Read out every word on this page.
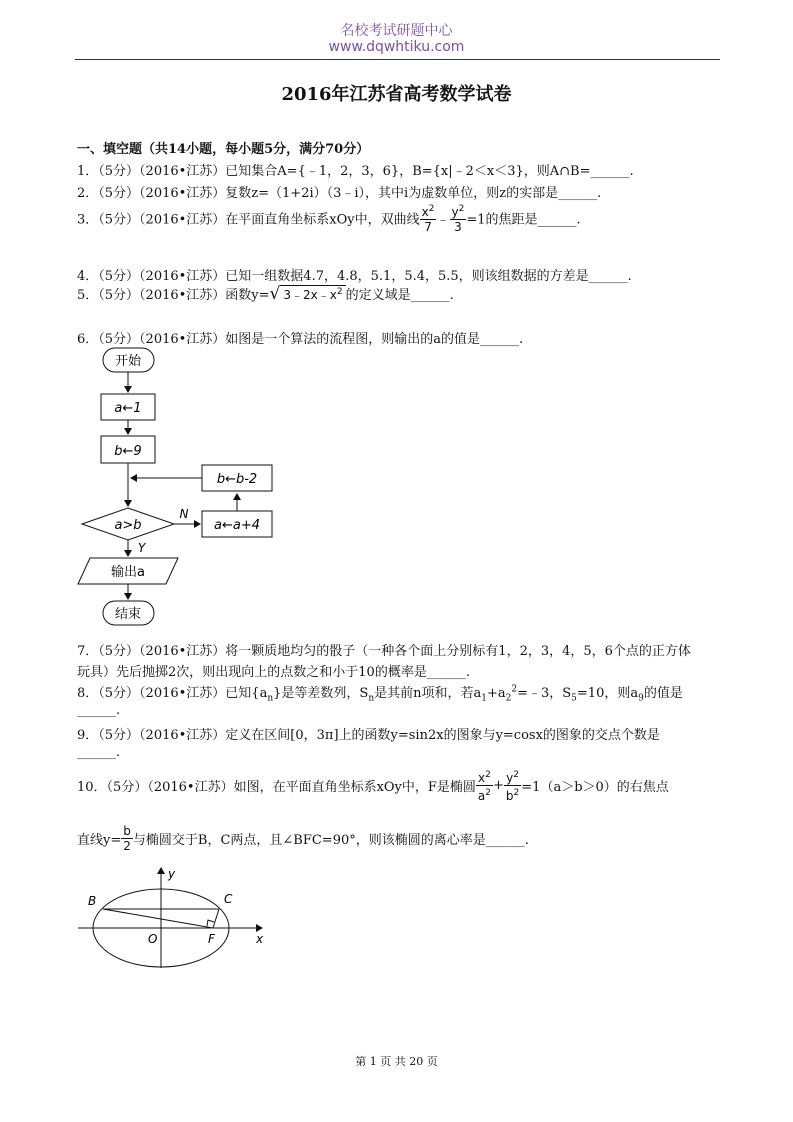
名校考试研题中心
www.dqwhtiku.com
2016年江苏省高考数学试卷
一、填空题（共14小题，每小题5分，满分70分）
1．（5分）（2016•江苏）已知集合A={﹣1，2，3，6}，B={x|﹣2＜x＜3}，则A∩B=______.
2．（5分）（2016•江苏）复数z=（1+2i）（3﹣i），其中i为虚数单位，则z的实部是______.
3．（5分）（2016•江苏）在平面直角坐标系xOy中，双曲线 $\frac{x^2}{7}$ ﹣ $\frac{y^2}{3} =1$的焦距是______.
4．（5分）（2016•江苏）已知一组数据4.7，4.8，5.1，5.4，5.5，则该组数据的方差是______.
5．（5分）（2016•江苏）函数y=√ $3﹣2x﹣x^2$ 的定义域是______.
6．（5分）（2016•江苏）如图是一个算法的流程图，则输出的a的值是______.
开始
a←1
b←9
b←b-2
a>b
N
a←a+4
Y
输出a
结束
7．（5分）（2016•江苏）将一颗质地均匀的骰子（一种各个面上分别标有1，2，3，4，5，6个点的正方体
玩具）先后抛掷2次，则出现向上的点数之和小于10的概率是______.
8．（5分）（2016•江苏）已知$\{a_n\}$是等差数列，$S_n$是其前n项和，若$a_1+a_2^2=﹣3$，$S_5=10$，则$a_9$的值是
______.
9．（5分）（2016•江苏）定义在区间[0，3π]上的函数y=sin2x的图象与y=cosx的图象的交点个数是
______.
10．（5分）（2016•江苏）如图，在平面直角坐标系xOy中，F是椭圆 $\frac{x^2}{a^2} + \frac{y^2}{b^2} =1(a>b>0)$的右焦点
直线$y= \frac{b}{2}$ 与椭圆交于B，C两点，且∠BFC=90°，则该椭圆的离心率是______.
B	C
O	F	x
y
第 1 页 共 20 页
